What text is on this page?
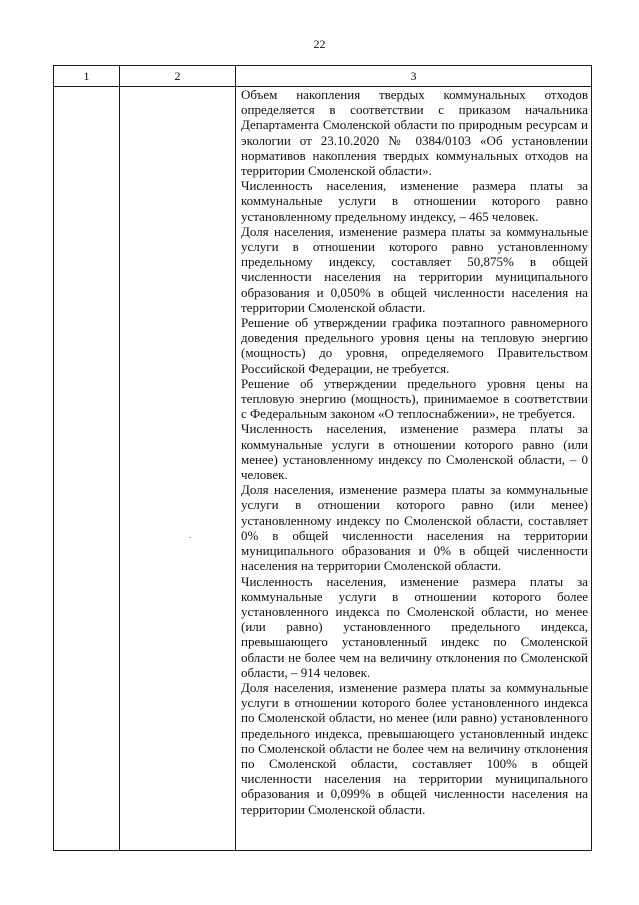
22
1	2	3

Объем накопления твердых коммунальных отходов определяется в соответствии с приказом начальника Департамента Смоленской области по природным ресурсам и экологии от 23.10.2020 № 0384/0103 «Об установлении нормативов накопления твердых коммунальных отходов на территории Смоленской области».

Численность населения, изменение размера платы за коммунальные услуги в отношении которого равно установленному предельному индексу, – 465 человек.

Доля населения, изменение размера платы за коммунальные услуги в отношении которого равно установленному предельному индексу, составляет 50,875% в общей численности населения на территории муниципального образования и 0,050% в общей численности населения на территории Смоленской области.

Решение об утверждении графика поэтапного равномерного доведения предельного уровня цены на тепловую энергию (мощность) до уровня, определяемого Правительством Российской Федерации, не требуется.

Решение об утверждении предельного уровня цены на тепловую энергию (мощность), принимаемое в соответствии с Федеральным законом «О теплоснабжении», не требуется.

Численность населения, изменение размера платы за коммунальные услуги в отношении которого равно (или менее) установленному индексу по Смоленской области, – 0 человек.

Доля населения, изменение размера платы за коммунальные услуги в отношении которого равно (или менее) установленному индексу по Смоленской области, составляет 0% в общей численности населения на территории муниципального образования и 0% в общей численности населения на территории Смоленской области.

Численность населения, изменение размера платы за коммунальные услуги в отношении которого более установленного индекса по Смоленской области, но менее (или равно) установленного предельного индекса, превышающего установленный индекс по Смоленской области не более чем на величину отклонения по Смоленской области, – 914 человек.

Доля населения, изменение размера платы за коммунальные услуги в отношении которого более установленного индекса по Смоленской области, но менее (или равно) установленного предельного индекса, превышающего установленный индекс по Смоленской области не более чем на величину отклонения по Смоленской области, составляет 100% в общей численности населения на территории муниципального образования и 0,099% в общей численности населения на территории Смоленской области.
